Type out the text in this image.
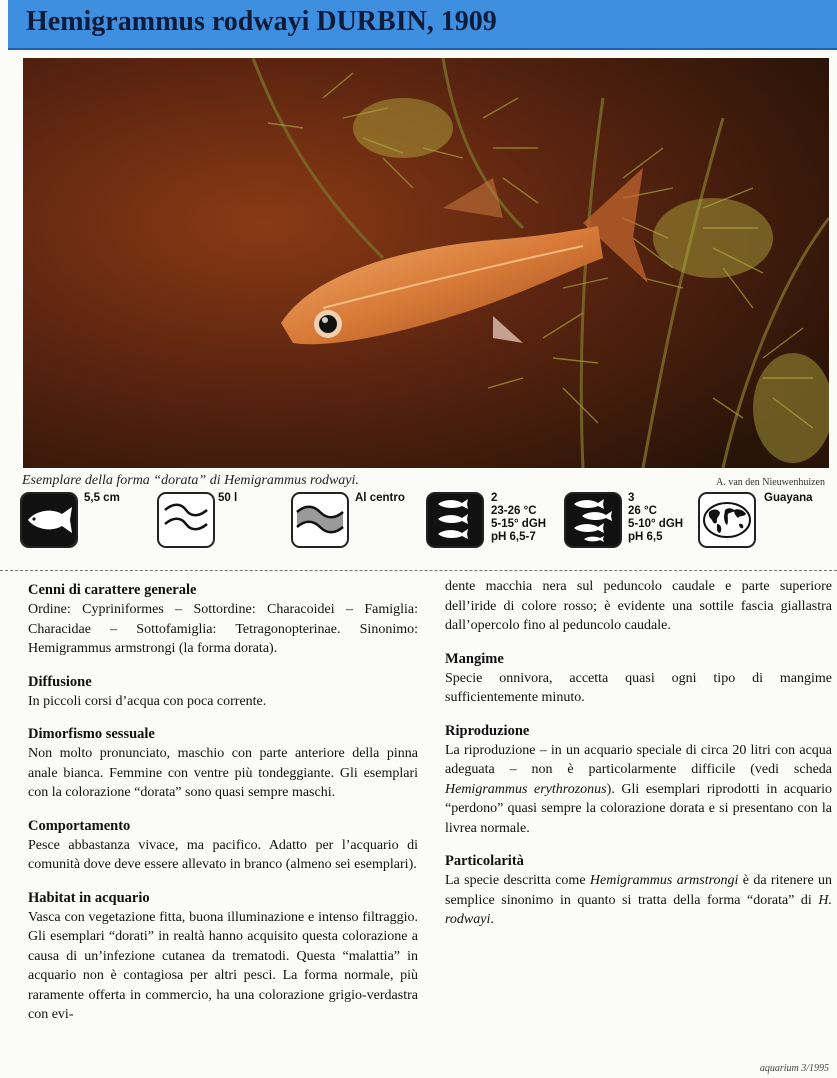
Hemigrammus rodwayi DURBIN, 1909
Esemplare della forma “dorata” di Hemigrammus rodwayi.	A. van den Nieuwenhuizen
5,5 cm	50 l	Al centro	2
23-26 °C
5-15° dGH
pH 6,5-7
3
26 °C
5-10° dGH
pH 6,5
Guayana
Cenni di carattere generale

Ordine: Cypriniformes – Sottordine: Characoidei – Famiglia: Characidae – Sottofamiglia: Tetragonopterinae. Sinonimo: Hemigrammus armstrongi (la forma dorata).

Diffusione

In piccoli corsi d’acqua con poca corrente.

Dimorfismo sessuale

Non molto pronunciato, maschio con parte anteriore della pinna anale bianca. Femmine con ventre più tondeggiante. Gli esemplari con la colorazione “dorata” sono quasi sempre maschi.

Comportamento

Pesce abbastanza vivace, ma pacifico. Adatto per l’acquario di comunità dove deve essere allevato in branco (almeno sei esemplari).

Habitat in acquario

Vasca con vegetazione fitta, buona illuminazione e intenso filtraggio. Gli esemplari “dorati” in realtà hanno acquisito questa colorazione a causa di un’infezione cutanea da trematodi. Questa “malattia” in acquario non è contagiosa per altri pesci. La forma normale, più raramente offerta in commercio, ha una colorazione grigio-verdastra con evi-

dente macchia nera sul peduncolo caudale e parte superiore dell’iride di colore rosso; è evidente una sottile fascia giallastra dall’opercolo fino al peduncolo caudale.

Mangime

Specie onnivora, accetta quasi ogni tipo di mangime sufficientemente minuto.

Riproduzione

La riproduzione – in un acquario speciale di circa 20 litri con acqua adeguata – non è particolarmente difficile (vedi scheda Hemigrammus erythrozonus). Gli esemplari riprodotti in acquario “perdono” quasi sempre la colorazione dorata e si presentano con la livrea normale.

Particolarità

La specie descritta come Hemigrammus armstrongi è da ritenere un semplice sinonimo in quanto si tratta della forma “dorata” di H. rodwayi.

aquarium 3/1995
